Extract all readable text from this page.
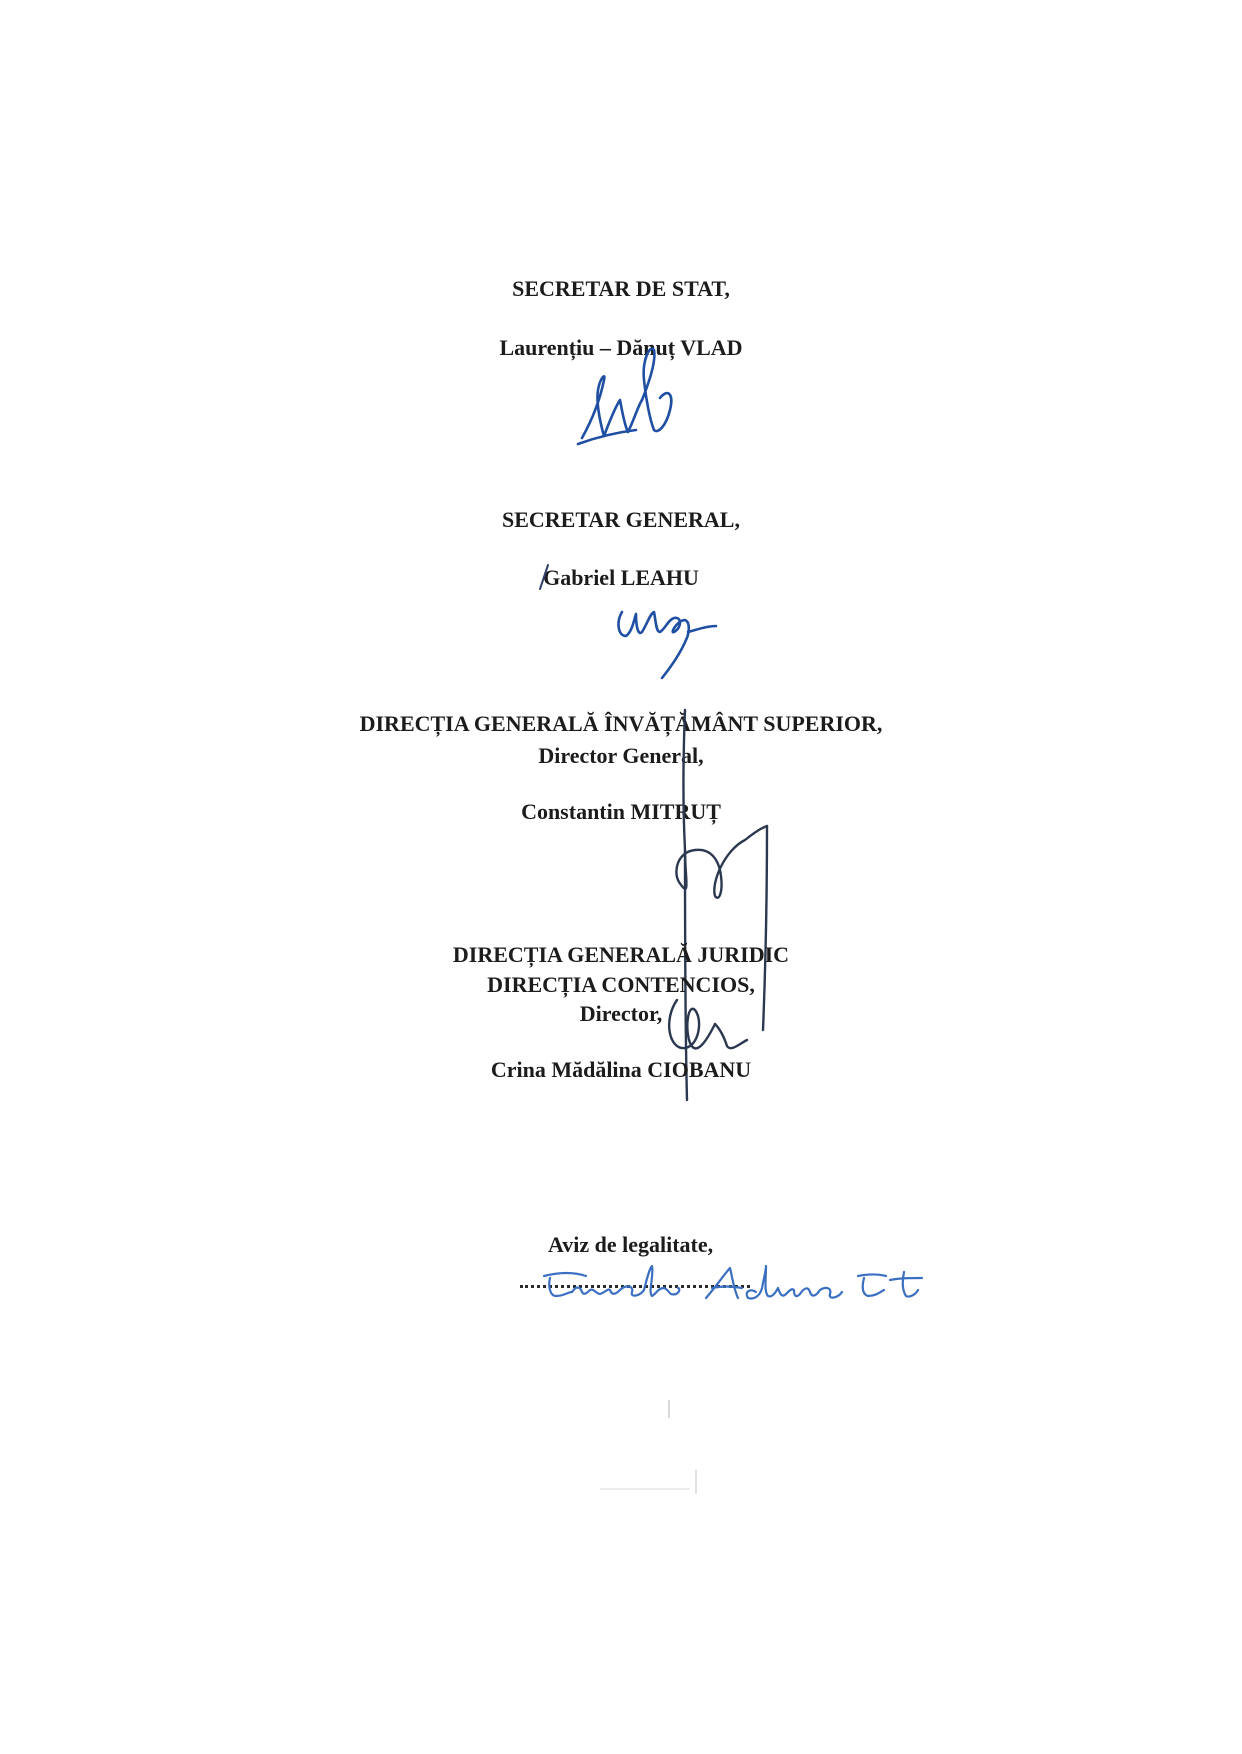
SECRETAR DE STAT,
Laurențiu – Dănuț VLAD
SECRETAR GENERAL,
Gabriel LEAHU
DIRECȚIA GENERALĂ ÎNVĂȚĂMÂNT SUPERIOR,
Director General,
Constantin MITRUȚ
DIRECȚIA GENERALĂ JURIDIC
DIRECȚIA CONTENCIOS,
Director,
Crina Mădălina CIOBANU
Aviz de legalitate,
